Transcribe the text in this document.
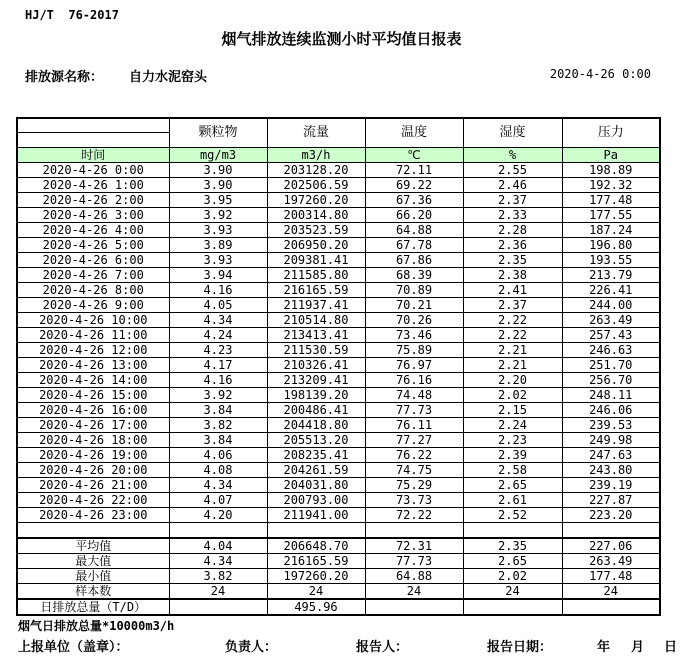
HJ/T  76-2017
烟气排放连续监测小时平均值日报表
排放源名称： 自力水泥窑头	2020-4-26 0:00
	颗粒物	流量	温度	湿度	压力
时间	mg/m3	m3/h	℃	%	Pa
2020-4-26 0:00	3.90	203128.20	72.11	2.55	198.89
2020-4-26 1:00	3.90	202506.59	69.22	2.46	192.32
2020-4-26 2:00	3.95	197260.20	67.36	2.37	177.48
2020-4-26 3:00	3.92	200314.80	66.20	2.33	177.55
2020-4-26 4:00	3.93	203523.59	64.88	2.28	187.24
2020-4-26 5:00	3.89	206950.20	67.78	2.36	196.80
2020-4-26 6:00	3.93	209381.41	67.86	2.35	193.55
2020-4-26 7:00	3.94	211585.80	68.39	2.38	213.79
2020-4-26 8:00	4.16	216165.59	70.89	2.41	226.41
2020-4-26 9:00	4.05	211937.41	70.21	2.37	244.00
2020-4-26 10:00	4.34	210514.80	70.26	2.22	263.49
2020-4-26 11:00	4.24	213413.41	73.46	2.22	257.43
2020-4-26 12:00	4.23	211530.59	75.89	2.21	246.63
2020-4-26 13:00	4.17	210326.41	76.97	2.21	251.70
2020-4-26 14:00	4.16	213209.41	76.16	2.20	256.70
2020-4-26 15:00	3.92	198139.20	74.48	2.02	248.11
2020-4-26 16:00	3.84	200486.41	77.73	2.15	246.06
2020-4-26 17:00	3.82	204418.80	76.11	2.24	239.53
2020-4-26 18:00	3.84	205513.20	77.27	2.23	249.98
2020-4-26 19:00	4.06	208235.41	76.22	2.39	247.63
2020-4-26 20:00	4.08	204261.59	74.75	2.58	243.80
2020-4-26 21:00	4.34	204031.80	75.29	2.65	239.19
2020-4-26 22:00	4.07	200793.00	73.73	2.61	227.87
2020-4-26 23:00	4.20	211941.00	72.22	2.52	223.20

平均值	4.04	206648.70	72.31	2.35	227.06
最大值	4.34	216165.59	77.73	2.65	263.49
最小值	3.82	197260.20	64.88	2.02	177.48
样本数	24	24	24	24	24
日排放总量（T/D）		495.96			
烟气日排放总量*10000m3/h
上报单位（盖章）：	负责人：	报告人：	报告日期：	年 月 日
